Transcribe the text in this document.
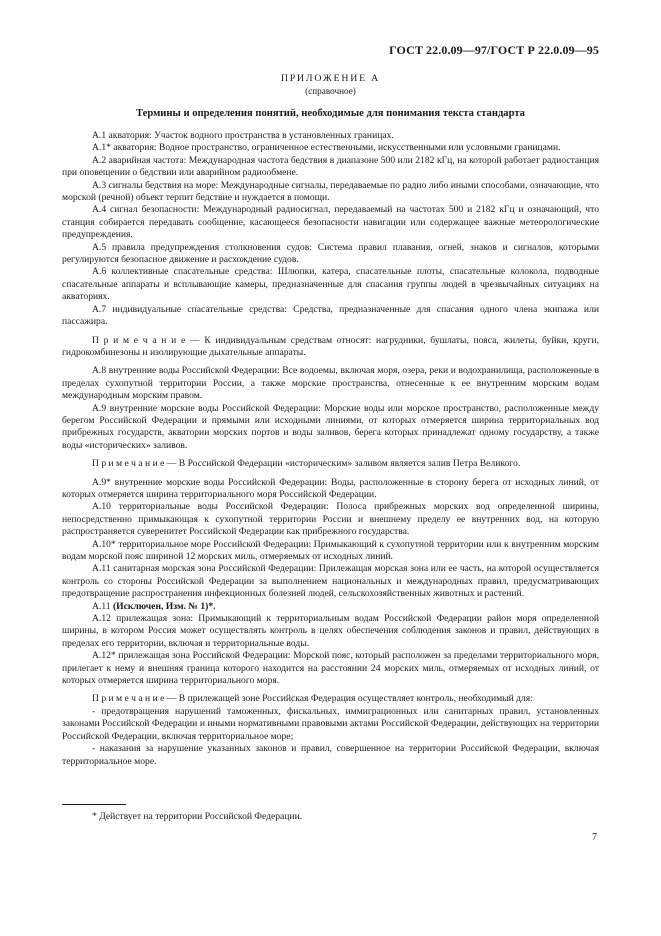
ГОСТ 22.0.09—97/ГОСТ Р 22.0.09—95
ПРИЛОЖЕНИЕ А
(справочное)
Термины и определения понятий, необходимые для понимания текста стандарта

А.1 акватория: Участок водного пространства в установленных границах.

А.1* акватория: Водное пространство, ограниченное естественными, искусственными или условными границами.

А.2 аварийная частота: Международная частота бедствия в диапазоне 500 или 2182 кГц, на которой работает радиостанция при оповещении о бедствии или аварийном радиообмене.

А.3 сигналы бедствия на море: Международные сигналы, передаваемые по радио либо иными способами, означающие, что морской (речной) объект терпит бедствие и нуждается в помощи.

А.4 сигнал безопасности: Международный радиосигнал, передаваемый на частотах 500 и 2182 кГц и означающий, что станция собирается передавать сообщение, касающееся безопасности навигации или содержащее важные метеорологические предупреждения.

А.5 правила предупреждения столкновения судов: Система правил плавания, огней, знаков и сигналов, которыми регулируются безопасное движение и расхождение судов.

А.6 коллективные спасательные средства: Шлюпки, катера, спасательные плоты, спасательные колокола, подводные спасательные аппараты и всплывающие камеры, предназначенные для спасания группы людей в чрезвычайных ситуациях на акваториях.

А.7 индивидуальные спасательные средства: Средства, предназначенные для спасания одного члена экипажа или пассажира.

П р и м е ч а н и е — К индивидуальным средствам относят: нагрудники, бушлаты, пояса, жилеты, буйки, круги, гидрокомбинезоны и изолирующие дыхательные аппараты.

А.8 внутренние воды Российской Федерации: Все водоемы, включая моря, озера, реки и водохранилища, расположенные в пределах сухопутной территории России, а также морские пространства, отнесенные к ее внутренним морским водам международным морским правом.

А.9 внутренние морские воды Российской Федерации: Морские воды или морское пространство, расположенные между берегом Российской Федерации и прямыми или исходными линиями, от которых отмеряется ширина территориальных вод прибрежных государств, акватории морских портов и воды заливов, берега которых принадлежат одному государству, а также воды «исторических» заливов.

П р и м е ч а н и е — В Российской Федерации «историческим» заливом является залив Петра Великого.

А.9* внутренние морские воды Российской Федерации: Воды, расположенные в сторону берега от исходных линий, от которых отмеряется ширина территориального моря Российской Федерации.

А.10 территориальные воды Российской Федерации: Полоса прибрежных морских вод определенной ширины, непосредственно примыкающая к сухопутной территории России и внешнему пределу ее внутренних вод, на которую распространяется суверенитет Российской Федерации как прибрежного государства.

А.10* территориальное море Российской Федерации: Примыкающий к сухопутной территории или к внутренним морским водам морской пояс шириной 12 морских миль, отмеряемых от исходных линий.

А.11 санитарная морская зона Российской Федерации: Прилежащая морская зона или ее часть, на которой осуществляется контроль со стороны Российской Федерации за выполнением национальных и международных правил, предусматривающих предотвращение распространения инфекционных болезней людей, сельскохозяйственных животных и растений.

А.11 (Исключен, Изм. № 1)*.

А.12 прилежащая зона: Примыкающий к территориальным водам Российской Федерации район моря определенной ширины, в котором Россия может осуществлять контроль в целях обеспечения соблюдения законов и правил, действующих в пределах его территории, включая и территориальные воды.

А.12* прилежащая зона Российской Федерации: Морской пояс, который расположен за пределами территориального моря, прилегает к нему и внешняя граница которого находится на расстоянии 24 морских миль, отмеряемых от исходных линий, от которых отмеряется ширина территориального моря.

П р и м е ч а н и е — В прилежащей зоне Российская Федерация осуществляет контроль, необходимый для:

- предотвращения нарушений таможенных, фискальных, иммиграционных или санитарных правил, установленных законами Российской Федерации и иными нормативными правовыми актами Российской Федерации, действующих на территории Российской Федерации, включая территориальное море;

- наказания за нарушение указанных законов и правил, совершенное на территории Российской Федерации, включая территориальное море.

* Действует на территории Российской Федерации.
7
